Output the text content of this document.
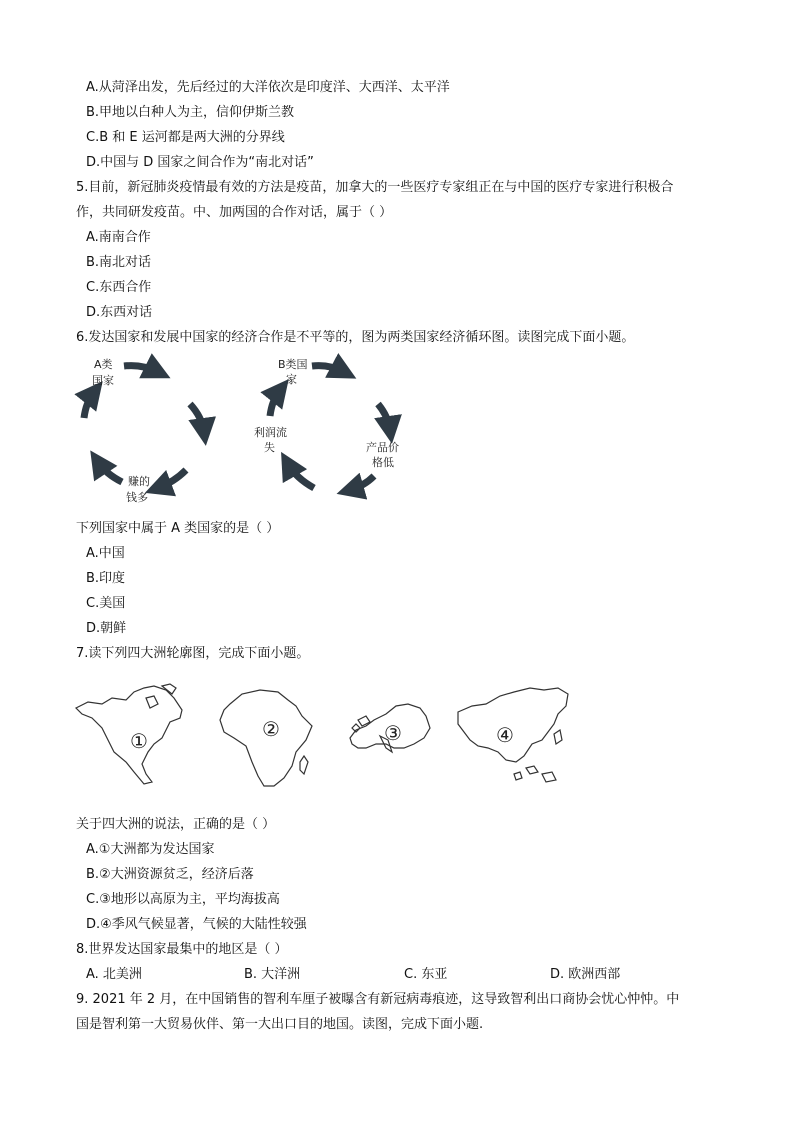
A.从菏泽出发，先后经过的大洋依次是印度洋、大西洋、太平洋
B.甲地以白种人为主，信仰伊斯兰教
C.B 和 E 运河都是两大洲的分界线
D.中国与 D 国家之间合作为“南北对话”
5.目前，新冠肺炎疫情最有效的方法是疫苗，加拿大的一些医疗专家组正在与中国的医疗专家进行积极合
作，共同研发疫苗。中、加两国的合作对话，属于（ ）
A.南南合作
B.南北对话
C.东西合作
D.东西对话
6.发达国家和发展中国家的经济合作是不平等的，图为两类国家经济循环图。读图完成下面小题。
A类
国家
赚的
钱多
B类国
家
利润流
失	产品价
格低
下列国家中属于 A 类国家的是（ ）
A.中国
B.印度
C.美国
D.朝鲜
7.读下列四大洲轮廓图，完成下面小题。
①	②	③	④
关于四大洲的说法，正确的是（ ）
A.①大洲都为发达国家
B.②大洲资源贫乏，经济后落
C.③地形以高原为主，平均海拔高
D.④季风气候显著，气候的大陆性较强
8.世界发达国家最集中的地区是（ ）
A. 北美洲	B. 大洋洲	C. 东亚	D. 欧洲西部
9. 2021 年 2 月，在中国销售的智利车厘子被曝含有新冠病毒痕迹，这导致智利出口商协会忧心忡忡。中
国是智利第一大贸易伙伴、第一大出口目的地国。读图，完成下面小题.
